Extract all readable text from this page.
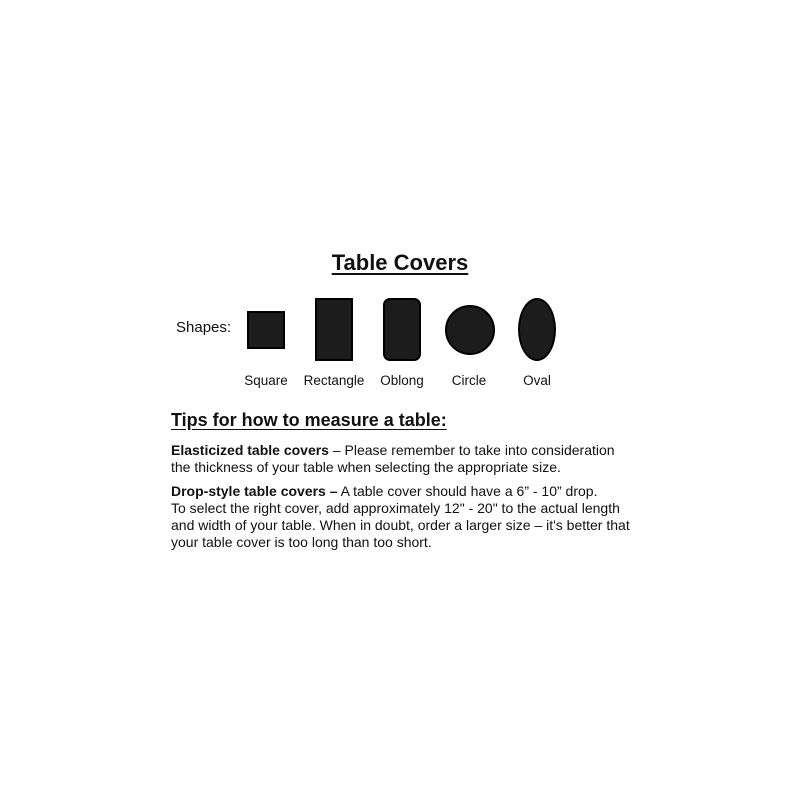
Table Covers
Shapes:
Square	Rectangle	Oblong	Circle	Oval
Tips for how to measure a table:
Elasticized table covers – Please remember to take into consideration
the thickness of your table when selecting the appropriate size.
Drop-style table covers – A table cover should have a 6” - 10” drop.
To select the right cover, add approximately 12" - 20" to the actual length
and width of your table. When in doubt, order a larger size – it's better that
your table cover is too long than too short.
